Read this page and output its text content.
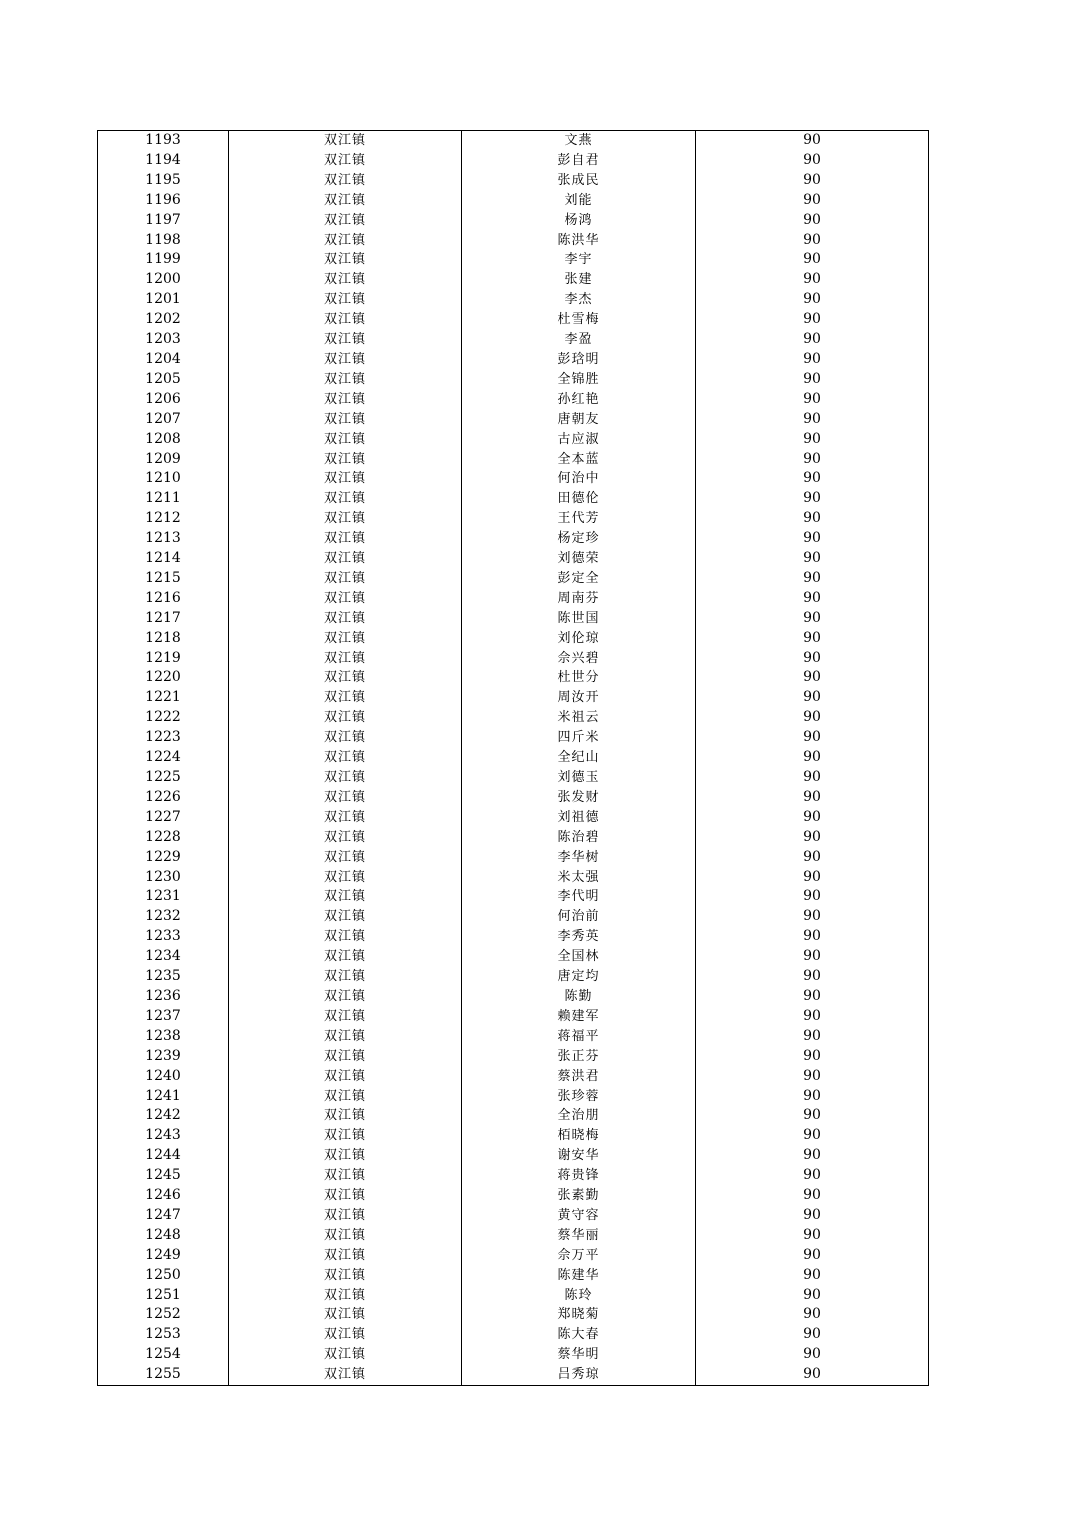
1193	双江镇	文燕	90
1194	双江镇	彭自君	90
1195	双江镇	张成民	90
1196	双江镇	刘能	90
1197	双江镇	杨鸿	90
1198	双江镇	陈洪华	90
1199	双江镇	李宇	90
1200	双江镇	张建	90
1201	双江镇	李杰	90
1202	双江镇	杜雪梅	90
1203	双江镇	李盈	90
1204	双江镇	彭琀明	90
1205	双江镇	全锦胜	90
1206	双江镇	孙红艳	90
1207	双江镇	唐朝友	90
1208	双江镇	古应淑	90
1209	双江镇	全本蓝	90
1210	双江镇	何治中	90
1211	双江镇	田德伦	90
1212	双江镇	王代芳	90
1213	双江镇	杨定珍	90
1214	双江镇	刘德荣	90
1215	双江镇	彭定全	90
1216	双江镇	周南芬	90
1217	双江镇	陈世国	90
1218	双江镇	刘伦琼	90
1219	双江镇	佘兴碧	90
1220	双江镇	杜世分	90
1221	双江镇	周汝开	90
1222	双江镇	米祖云	90
1223	双江镇	四斤米	90
1224	双江镇	全纪山	90
1225	双江镇	刘德玉	90
1226	双江镇	张发财	90
1227	双江镇	刘祖德	90
1228	双江镇	陈治碧	90
1229	双江镇	李华树	90
1230	双江镇	米太强	90
1231	双江镇	李代明	90
1232	双江镇	何治前	90
1233	双江镇	李秀英	90
1234	双江镇	全国林	90
1235	双江镇	唐定均	90
1236	双江镇	陈勤	90
1237	双江镇	赖建军	90
1238	双江镇	蒋福平	90
1239	双江镇	张正芬	90
1240	双江镇	蔡洪君	90
1241	双江镇	张珍蓉	90
1242	双江镇	全治朋	90
1243	双江镇	栢晓梅	90
1244	双江镇	谢安华	90
1245	双江镇	蒋贵锋	90
1246	双江镇	张素勤	90
1247	双江镇	黄守容	90
1248	双江镇	蔡华丽	90
1249	双江镇	佘万平	90
1250	双江镇	陈建华	90
1251	双江镇	陈玲	90
1252	双江镇	郑晓菊	90
1253	双江镇	陈大春	90
1254	双江镇	蔡华明	90
1255	双江镇	吕秀琼	90
